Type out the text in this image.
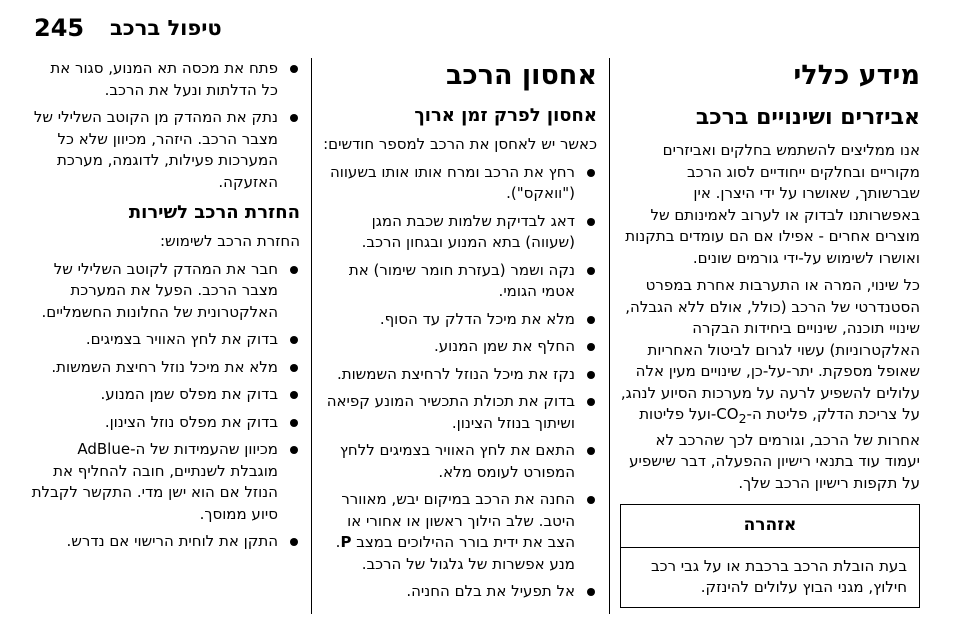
245 טיפול ברכב
מידע כללי
אביזרים ושינויים ברכב

אנו ממליצים להשתמש בחלקים ואביזרים מקוריים ובחלקים ייחודיים לסוג הרכב שברשותך, שאושרו על ידי היצרן. אין באפשרותנו לבדוק או לערוב לאמינותם של מוצרים אחרים - אפילו אם הם עומדים בתקנות ואושרו לשימוש על-ידי גורמים שונים.

כל שינוי, המרה או התערבות אחרת במפרט הסטנדרטי של הרכב (כולל, אולם ללא הגבלה, שינויי תוכנה, שינויים ביחידות הבקרה האלקטרוניות) עשוי לגרום לביטול האחריות שאופל מספקת. יתר-על-כן, שינויים מעין אלה עלולים להשפיע לרעה על מערכות הסיוע לנהג, על צריכת הדלק, פליטת $ה-CO_2$-ועל פליטות אחרות של הרכב, וגורמים לכך שהרכב לא יעמוד עוד בתנאי רישיון ההפעלה, דבר שישפיע על תקפות רישיון הרכב שלך.

אזהרה
בעת הובלת הרכב ברכבת או על גבי רכב חילוץ, מגני הבוץ עלולים להינזק.
אחסון הרכב
אחסון לפרק זמן ארוך

כאשר יש לאחסן את הרכב למספר חודשים:

רחץ את הרכב ומרח אותו אותו בשעווה ("וואקס").
דאג לבדיקת שלמות שכבת המגן (שעווה) בתא המנוע ובגחון הרכב.
נקה ושמר (בעזרת חומר שימור) את אטמי הגומי.
מלא את מיכל הדלק עד הסוף.
החלף את שמן המנוע.
נקז את מיכל הנוזל לרחיצת השמשות.
בדוק את תכולת התכשיר המונע קפיאה ושיתוך בנוזל הצינון.
התאם את לחץ האוויר בצמיגים ללחץ המפורט לעומס מלא.
החנה את הרכב במיקום יבש, מאוורר היטב. שלב הילוך ראשון או אחורי או הצב את ידית בורר ההילוכים במצב P. מנע אפשרות של גלגול של הרכב.
אל תפעיל את בלם החניה.
פתח את מכסה תא המנוע, סגור את כל הדלתות ונעל את הרכב.
נתק את המהדק מן הקוטב השלילי של מצבר הרכב. היזהר, מכיוון שלא כל המערכות פעילות, לדוגמה, מערכת האזעקה.
החזרת הרכב לשירות

החזרת הרכב לשימוש:

חבר את המהדק לקוטב השלילי של מצבר הרכב. הפעל את המערכת האלקטרונית של החלונות החשמליים.
בדוק את לחץ האוויר בצמיגים.
מלא את מיכל נוזל רחיצת השמשות.
בדוק את מפלס שמן המנוע.
בדוק את מפלס נוזל הצינון.
מכיוון שהעמידות של ה-AdBlue מוגבלת לשנתיים, חובה להחליף את הנוזל אם הוא ישן מדי. התקשר לקבלת סיוע ממוסך.
התקן את לוחית הרישוי אם נדרש.
